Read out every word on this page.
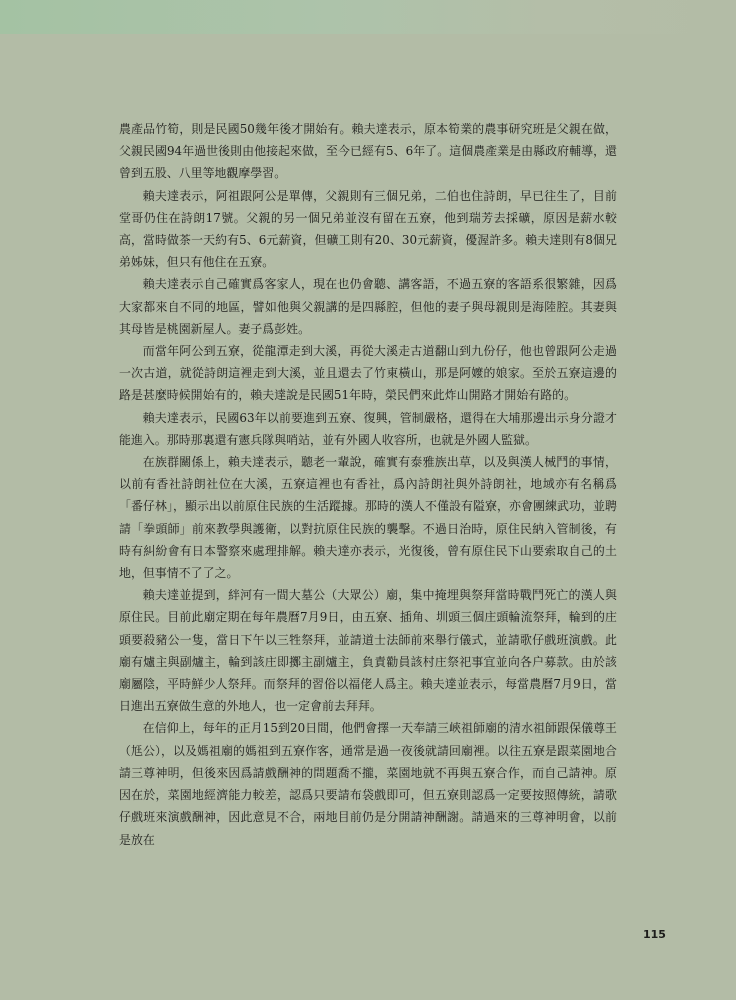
農產品竹筍，則是民國50幾年後才開始有。賴夫達表示，原本筍業的農事研究班是父親在做，父親民國94年過世後則由他接起來做，至今已經有5、6年了。這個農產業是由縣政府輔導，還曾到五股、八里等地觀摩學習。

賴夫達表示，阿祖跟阿公是單傳，父親則有三個兄弟，二伯也住詩朗，早已往生了，目前堂哥仍住在詩朗17號。父親的另一個兄弟並沒有留在五寮，他到瑞芳去採礦，原因是薪水較高，當時做茶一天約有5、6元薪資，但礦工則有20、30元薪資，優渥許多。賴夫達則有8個兄弟姊妹，但只有他住在五寮。

賴夫達表示自己確實爲客家人，現在也仍會聽、講客語，不過五寮的客語系很繁雜，因爲大家都來自不同的地區，譬如他與父親講的是四縣腔，但他的妻子與母親則是海陸腔。其妻與其母皆是桃園新屋人。妻子爲彭姓。

而當年阿公到五寮，從龍潭走到大溪，再從大溪走古道翻山到九份仔，他也曾跟阿公走過一次古道，就從詩朗這裡走到大溪，並且還去了竹東橫山，那是阿嬤的娘家。至於五寮這邊的路是甚麼時候開始有的，賴夫達說是民國51年時，榮民們來此炸山開路才開始有路的。

賴夫達表示，民國63年以前要進到五寮、復興，管制嚴格，還得在大埔那邊出示身分證才能進入。那時那裏還有憲兵隊與哨站，並有外國人收容所，也就是外國人監獄。

在族群關係上，賴夫達表示，聽老一輩說，確實有泰雅族出草，以及與漢人械鬥的事情，以前有香社詩朗社位在大溪，五寮這裡也有香社，爲內詩朗社與外詩朗社，地域亦有名稱爲「番仔林」，顯示出以前原住民族的生活蹤據。那時的漢人不僅設有隘寮，亦會團練武功，並聘請「拳頭師」前來教學與護衛，以對抗原住民族的襲擊。不過日治時，原住民納入管制後，有時有糾紛會有日本警察來處理排解。賴夫達亦表示，光復後，曾有原住民下山要索取自己的土地，但事情不了了之。

賴夫達並提到，絆河有一間大墓公（大眾公）廟，集中掩埋與祭拜當時戰鬥死亡的漢人與原住民。目前此廟定期在每年農曆7月9日，由五寮、插角、圳頭三個庄頭輪流祭拜，輪到的庄頭要殺豬公一隻，當日下午以三牲祭拜，並請道士法師前來舉行儀式，並請歌仔戲班演戲。此廟有爐主與副爐主，輪到該庄即擲主副爐主，負責勸員該村庄祭祀事宜並向各户募款。由於該廟屬陰，平時鮮少人祭拜。而祭拜的習俗以福佬人爲主。賴夫達並表示，每當農曆7月9日，當日進出五寮做生意的外地人，也一定會前去拜拜。

在信仰上，每年的正月15到20日間，他們會擇一天奉請三峽祖師廟的清水祖師跟保儀尊王（尪公），以及媽祖廟的媽祖到五寮作客，通常是過一夜後就請回廟裡。以往五寮是跟菜園地合請三尊神明，但後來因爲請戲酬神的問題喬不攏，菜園地就不再與五寮合作，而自己請神。原因在於，菜園地經濟能力較差，認爲只要請布袋戲即可，但五寮則認爲一定要按照傳統，請歌仔戲班來演戲酬神，因此意見不合，兩地目前仍是分開請神酬謝。請過來的三尊神明會，以前是放在

115
